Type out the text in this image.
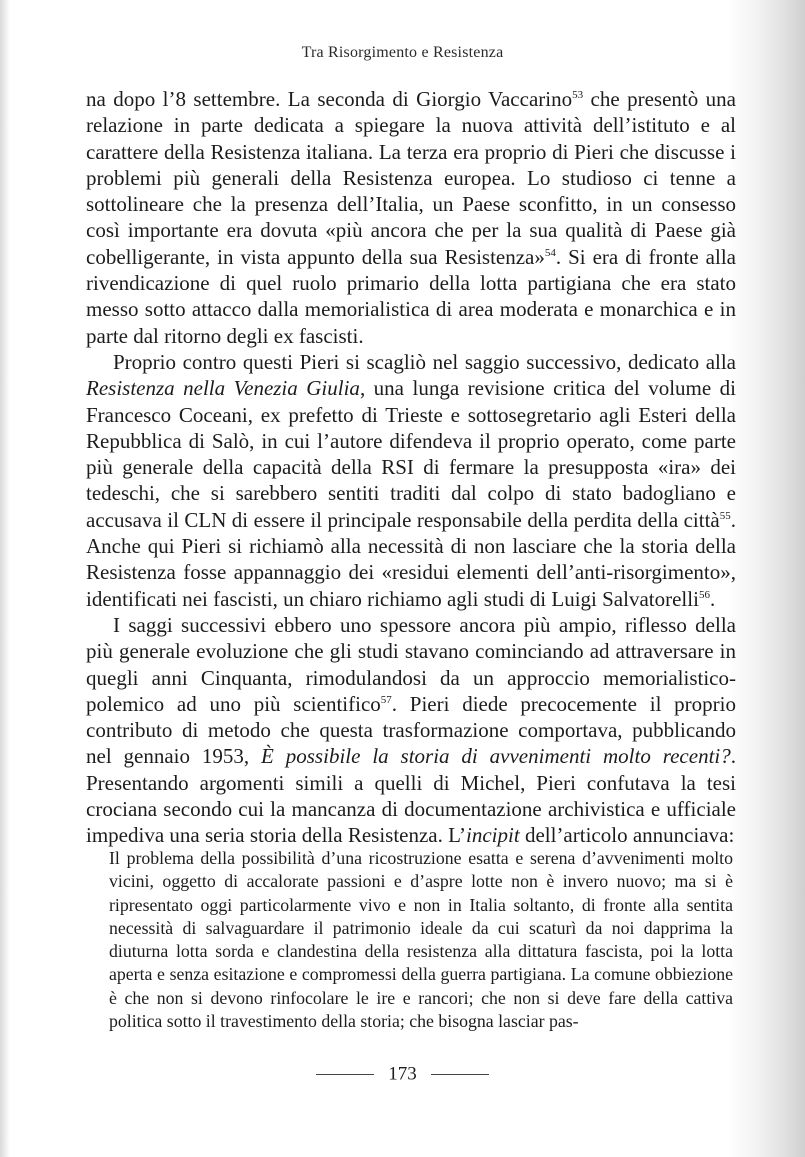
Tra Risorgimento e Resistenza

na dopo l’8 settembre. La seconda di Giorgio Vaccarino$^{53}$ che presentò una relazione in parte dedicata a spiegare la nuova attività dell’istituto e al carattere della Resistenza italiana. La terza era proprio di Pieri che discusse i problemi più generali della Resistenza europea. Lo studioso ci tenne a sottolineare che la presenza dell’Italia, un Paese sconfitto, in un consesso così importante era dovuta «più ancora che per la sua qualità di Paese già cobelligerante, in vista appunto della sua Resistenza»$^{54}$. Si era di fronte alla rivendicazione di quel ruolo primario della lotta partigiana che era stato messo sotto attacco dalla memorialistica di area moderata e monarchica e in parte dal ritorno degli ex fascisti.

Proprio contro questi Pieri si scagliò nel saggio successivo, dedicato alla Resistenza nella Venezia Giulia, una lunga revisione critica del volume di Francesco Coceani, ex prefetto di Trieste e sottosegretario agli Esteri della Repubblica di Salò, in cui l’autore difendeva il proprio operato, come parte più generale della capacità della RSI di fermare la presupposta «ira» dei tedeschi, che si sarebbero sentiti traditi dal colpo di stato badogliano e accusava il CLN di essere il principale responsabile della perdita della città$^{55}$. Anche qui Pieri si richiamò alla necessità di non lasciare che la storia della Resistenza fosse appannaggio dei «residui elementi dell’anti-risorgimento», identificati nei fascisti, un chiaro richiamo agli studi di Luigi Salvatorelli$^{56}$.

I saggi successivi ebbero uno spessore ancora più ampio, riflesso della più generale evoluzione che gli studi stavano cominciando ad attraversare in quegli anni Cinquanta, rimodulandosi da un approccio memorialistico-polemico ad uno più scientifico$^{57}$. Pieri diede precocemente il proprio contributo di metodo che questa trasformazione comportava, pubblicando nel gennaio 1953, È possibile la storia di avvenimenti molto recenti?. Presentando argomenti simili a quelli di Michel, Pieri confutava la tesi crociana secondo cui la mancanza di documentazione archivistica e ufficiale impediva una seria storia della Resistenza. L’incipit dell’articolo annunciava:

Il problema della possibilità d’una ricostruzione esatta e serena d’avvenimenti molto vicini, oggetto di accalorate passioni e d’aspre lotte non è invero nuovo; ma si è ripresentato oggi particolarmente vivo e non in Italia soltanto, di fronte alla sentita necessità di salvaguardare il patrimonio ideale da cui scaturì da noi dapprima la diuturna lotta sorda e clandestina della resistenza alla dittatura fascista, poi la lotta aperta e senza esitazione e compromessi della guerra partigiana. La comune obbiezione è che non si devono rinfocolare le ire e rancori; che non si deve fare della cattiva politica sotto il travestimento della storia; che bisogna lasciar pas-

173
